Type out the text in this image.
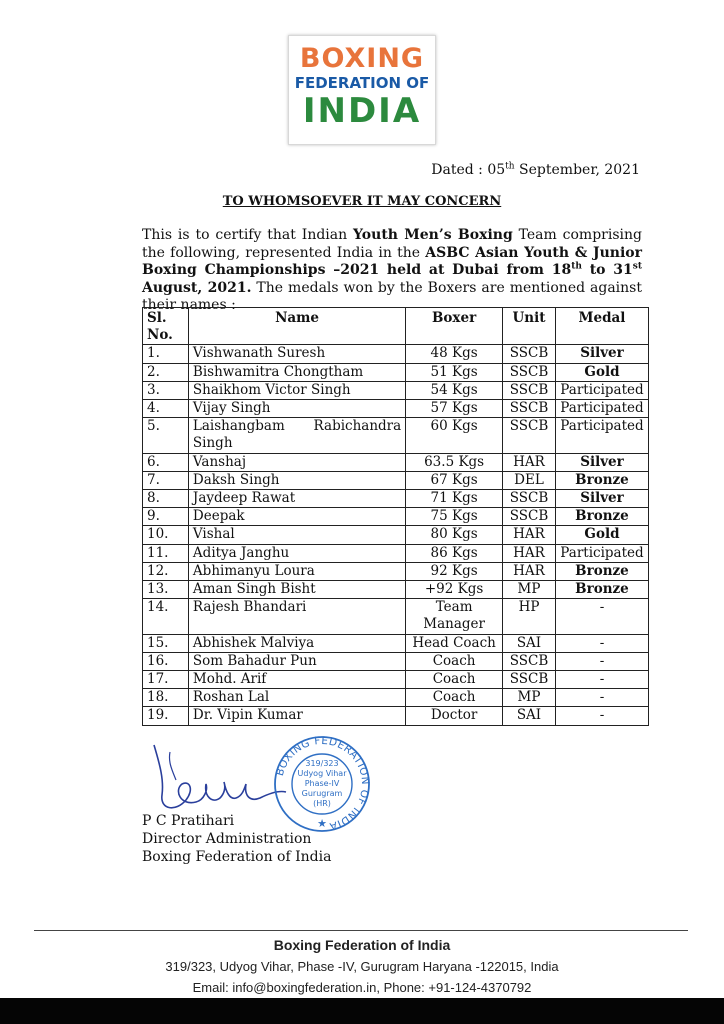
BOXING
FEDERATION OF
INDIA
Dated : 05th September, 2021
TO WHOMSOEVER IT MAY CONCERN
This is to certify that Indian Youth Men’s Boxing Team comprising the following, represented India in the ASBC Asian Youth & Junior Boxing Championships –2021 held at Dubai from 18th to 31st August, 2021. The medals won by the Boxers are mentioned against their names :
Sl.
No.	Name	Boxer	Unit	Medal
1.	Vishwanath Suresh	48 Kgs	SSCB	Silver
2.	Bishwamitra Chongtham	51 Kgs	SSCB	Gold
3.	Shaikhom Victor Singh	54 Kgs	SSCB	Participated
4.	Vijay Singh	57 Kgs	SSCB	Participated
5.	Laishangbam Rabichandra Singh	60 Kgs	SSCB	Participated
6.	Vanshaj	63.5 Kgs	HAR	Silver
7.	Daksh Singh	67 Kgs	DEL	Bronze
8.	Jaydeep Rawat	71 Kgs	SSCB	Silver
9.	Deepak	75 Kgs	SSCB	Bronze
10.	Vishal	80 Kgs	HAR	Gold
11.	Aditya Janghu	86 Kgs	HAR	Participated
12.	Abhimanyu Loura	92 Kgs	HAR	Bronze
13.	Aman Singh Bisht	+92 Kgs	MP	Bronze
14.	Rajesh Bhandari	Team Manager	HP	-
15.	Abhishek Malviya	Head Coach	SAI	-
16.	Som Bahadur Pun	Coach	SSCB	-
17.	Mohd. Arif	Coach	SSCB	-
18.	Roshan Lal	Coach	MP	-
19.	Dr. Vipin Kumar	Doctor	SAI	-
BOXING FEDERATION OF INDIA
319/323
Udyog Vihar
Phase-IV
Gurugram
(HR)
★
P C Pratihari
Director Administration
Boxing Federation of India
Boxing Federation of India
319/323, Udyog Vihar, Phase -IV, Gurugram Haryana -122015, India
Email: info@boxingfederation.in, Phone: +91-124-4370792
